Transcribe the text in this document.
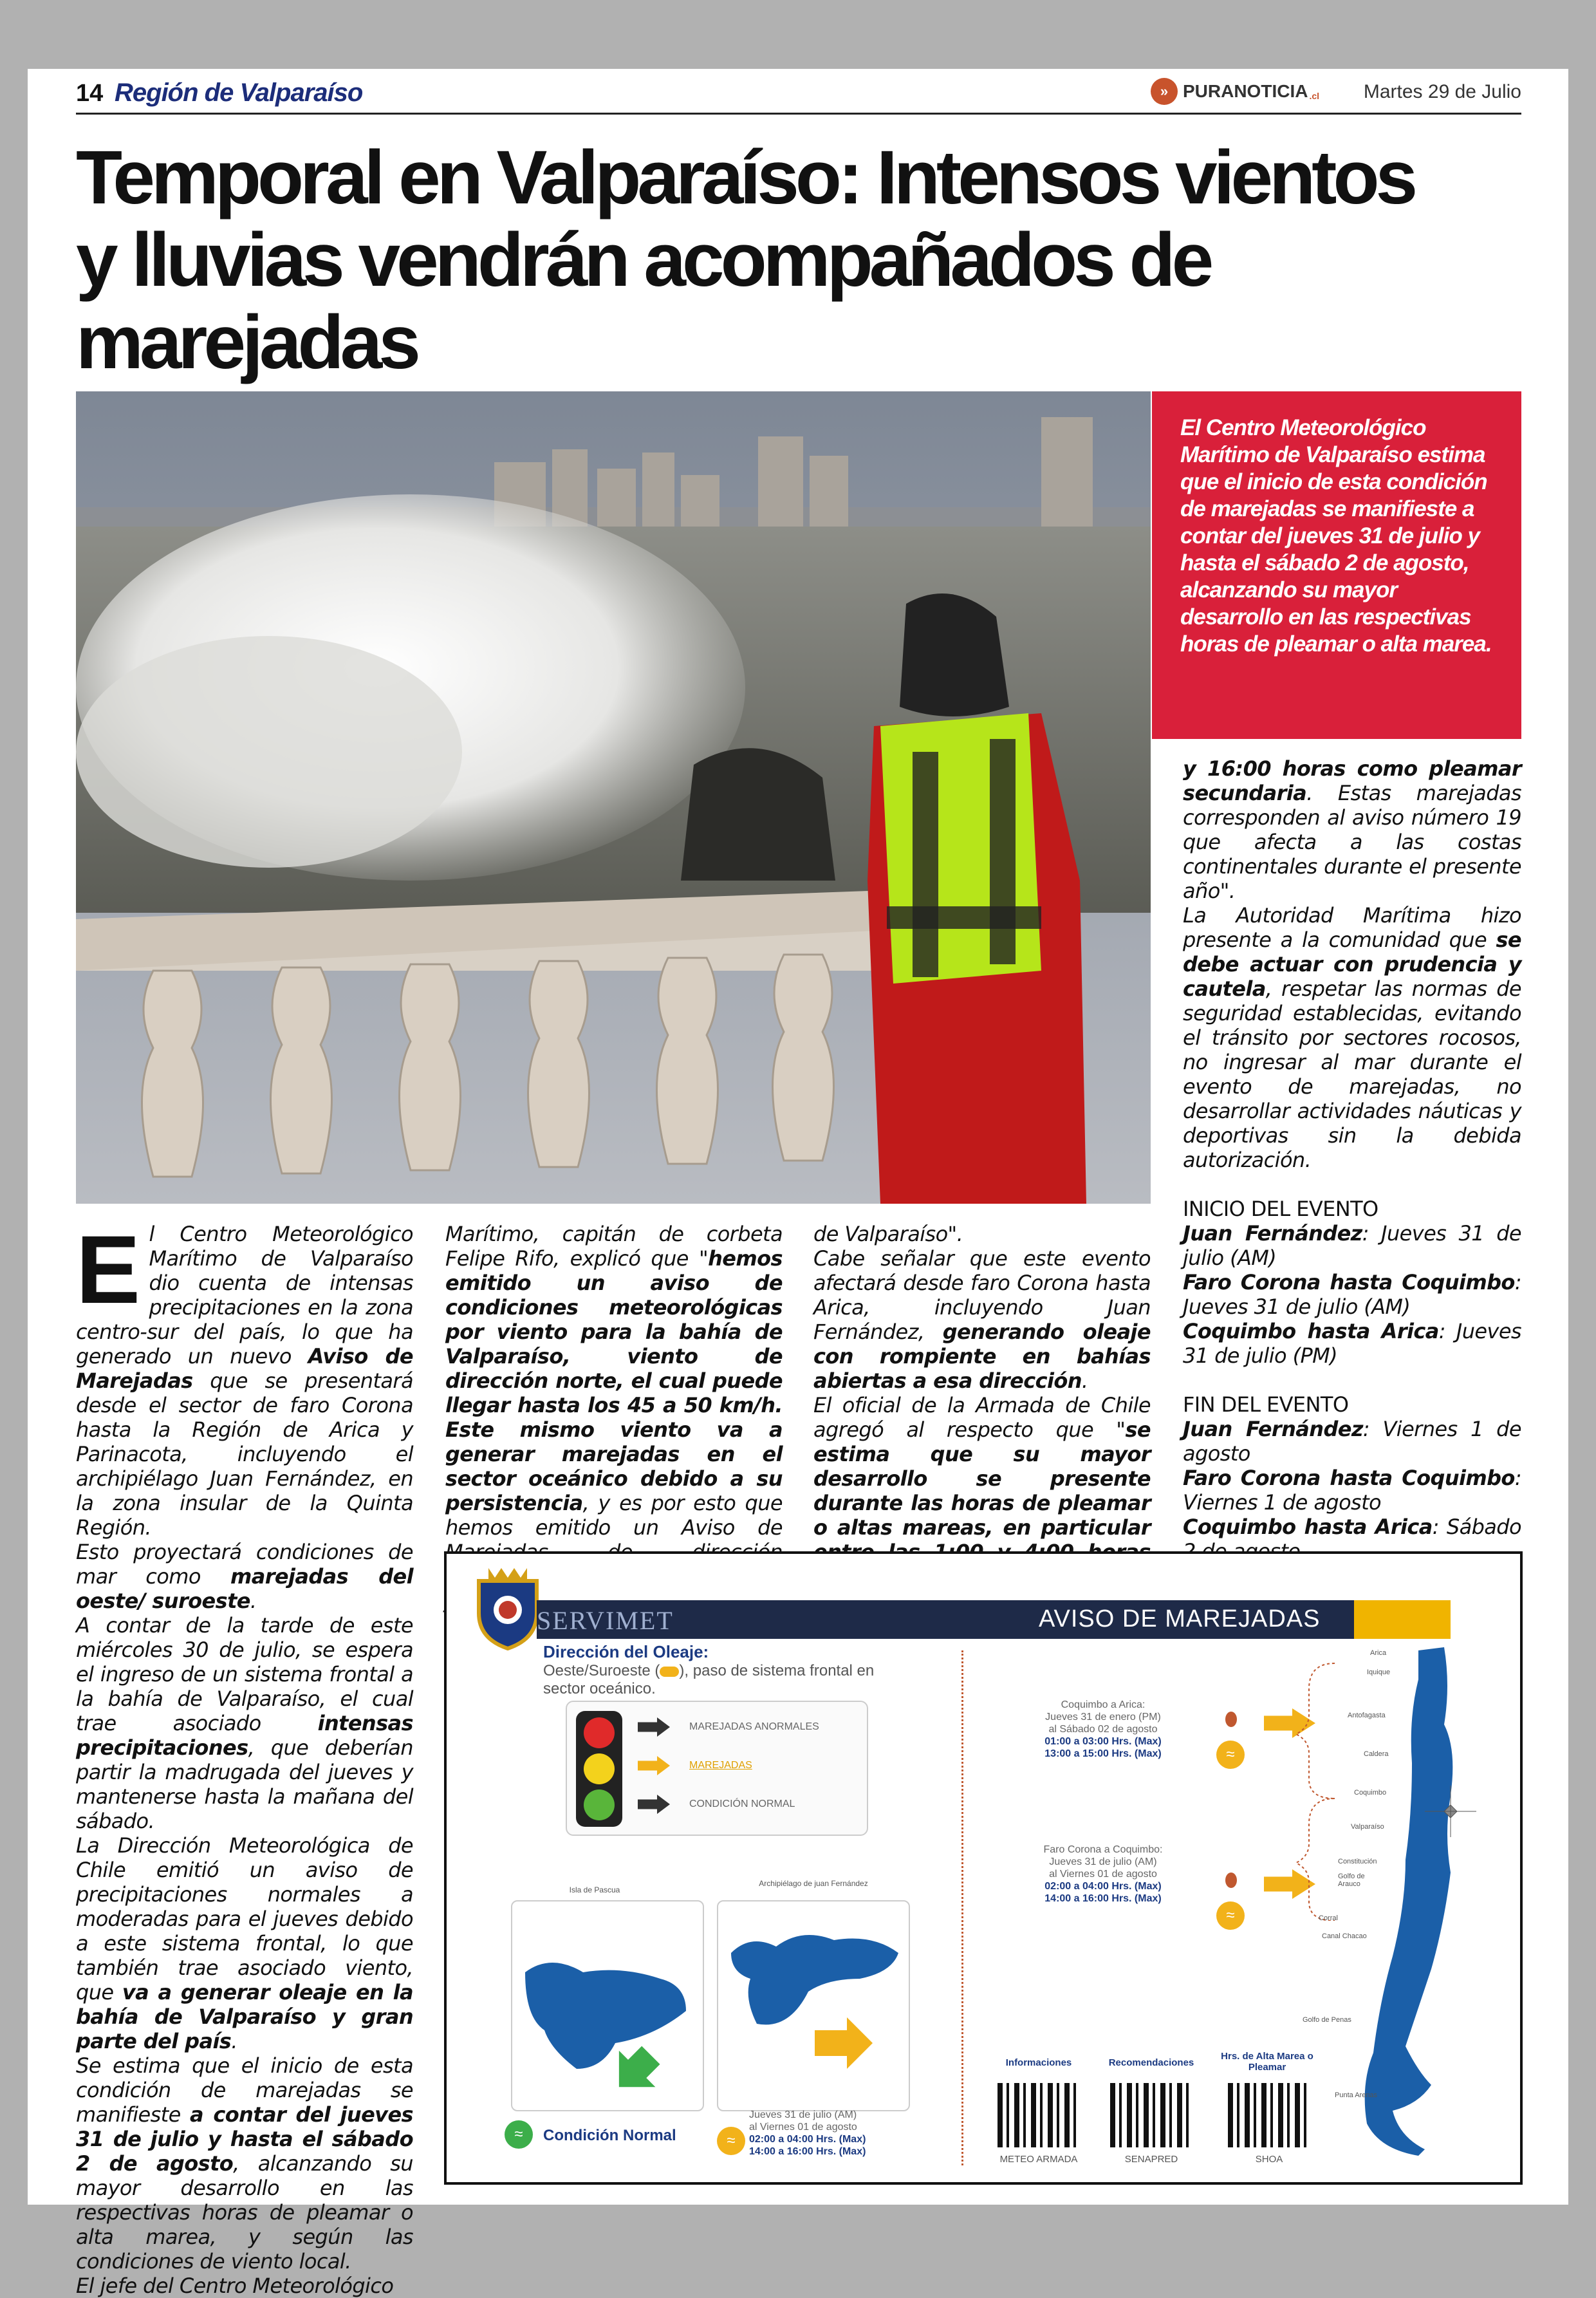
14 Región de Valparaíso	» PURANOTICIA .cl Martes 29 de Julio
Temporal en Valparaíso: Intensos vientos y lluvias vendrán acompañados de marejadas
El Centro Meteorológico Marítimo de Valparaíso estima que el inicio de esta condición de marejadas se manifieste a contar del jueves 31 de julio y hasta el sábado 2 de agosto, alcanzando su mayor desarrollo en las respectivas horas de pleamar o alta marea.
E l Centro Meteorológico Marítimo de Valparaíso dio cuenta de intensas precipitaciones en la zona centro-sur del país, lo que ha generado un nuevo Aviso de Marejadas que se presentará desde el sector de faro Corona hasta la Región de Arica y Parinacota, incluyendo el archipiélago Juan Fernández, en la zona insular de la Quinta Región.

Esto proyectará condiciones de mar como marejadas del oeste/ suroeste.

A contar de la tarde de este miércoles 30 de julio, se espera el ingreso de un sistema frontal a la bahía de Valparaíso, el cual trae asociado intensas precipitaciones, que deberían partir la madrugada del jueves y mantenerse hasta la mañana del sábado.

La Dirección Meteorológica de Chile emitió un aviso de precipitaciones normales a moderadas para el jueves debido a este sistema frontal, lo que también trae asociado viento, que va a generar oleaje en la bahía de Valparaíso y gran parte del país.

Se estima que el inicio de esta condición de marejadas se manifieste a contar del jueves 31 de julio y hasta el sábado 2 de agosto, alcanzando su mayor desarrollo en las respectivas horas de pleamar o alta marea, y según las condiciones de viento local.

El jefe del Centro Meteorológico

Marítimo, capitán de corbeta Felipe Rifo, explicó que "hemos emitido un aviso de condiciones meteorológicas por viento para la bahía de Valparaíso, viento de dirección norte, el cual puede llegar hasta los 45 a 50 km/h. Este mismo viento va a generar marejadas en el sector oceánico debido a su persistencia, y es por esto que hemos emitido un Aviso de

de Valparaíso".

Cabe señalar que este evento afectará desde faro Corona hasta Arica, incluyendo Juan Fernández, generando oleaje con rompiente en bahías abiertas a esa dirección.

El oficial de la Armada de Chile agregó al respecto que "se estima que su mayor desarrollo se presente durante las horas de pleamar o altas mareas, en particular

y 16:00 horas como pleamar secundaria. Estas marejadas corresponden al aviso número 19 que afecta a las costas continentales durante el presente año".

La Autoridad Marítima hizo presente a la comunidad que se debe actuar con prudencia y cautela, respetar las normas de seguridad establecidas, evitando el tránsito por sectores rocosos, no ingresar al mar durante el evento de marejadas, no desarrollar actividades náuticas y deportivas sin la debida autorización.

INICIO DEL EVENTO

Juan Fernández: Jueves 31 de julio (AM)

Faro Corona hasta Coquimbo: Jueves 31 de julio (AM)

Coquimbo hasta Arica: Jueves 31 de julio (PM)

FIN DEL EVENTO

Juan Fernández: Viernes 1 de agosto

Faro Corona hasta Coquimbo: Viernes 1 de agosto

Coquimbo hasta Arica: Sábado

SERVIMET	AVISO DE MAREJADAS
Dirección del Oleaje:
Oeste/Suroeste ( ), paso de sistema frontal en sector oceánico.
MAREJADAS ANORMALES
MAREJADAS
CONDICIÓN NORMAL
Isla de Pascua
Archipiélago de juan Fernández
≈	Condición Normal	≈
Jueves 31 de julio (AM)
al Viernes 01 de agosto
02:00 a 04:00 Hrs. (Max)
14:00 a 16:00 Hrs. (Max)
Coquimbo a Arica:
Jueves 31 de enero (PM)
al Sábado 02 de agosto
01:00 a 03:00 Hrs. (Max)
13:00 a 15:00 Hrs. (Max)	≈
Faro Corona a Coquimbo:
Jueves 31 de julio (AM)
al Viernes 01 de agosto
02:00 a 04:00 Hrs. (Max)
14:00 a 16:00 Hrs. (Max)
≈
Arica
Iquique
Antofagasta
Caldera
Coquimbo
Valparaíso
Constitución
Golfo de Arauco
Corral
Canal Chacao
Golfo de Penas
Punta Arenas
Informaciones	Recomendaciones
Hrs. de Alta Marea o Pleamar
METEO ARMADA	SENAPRED	SHOA
